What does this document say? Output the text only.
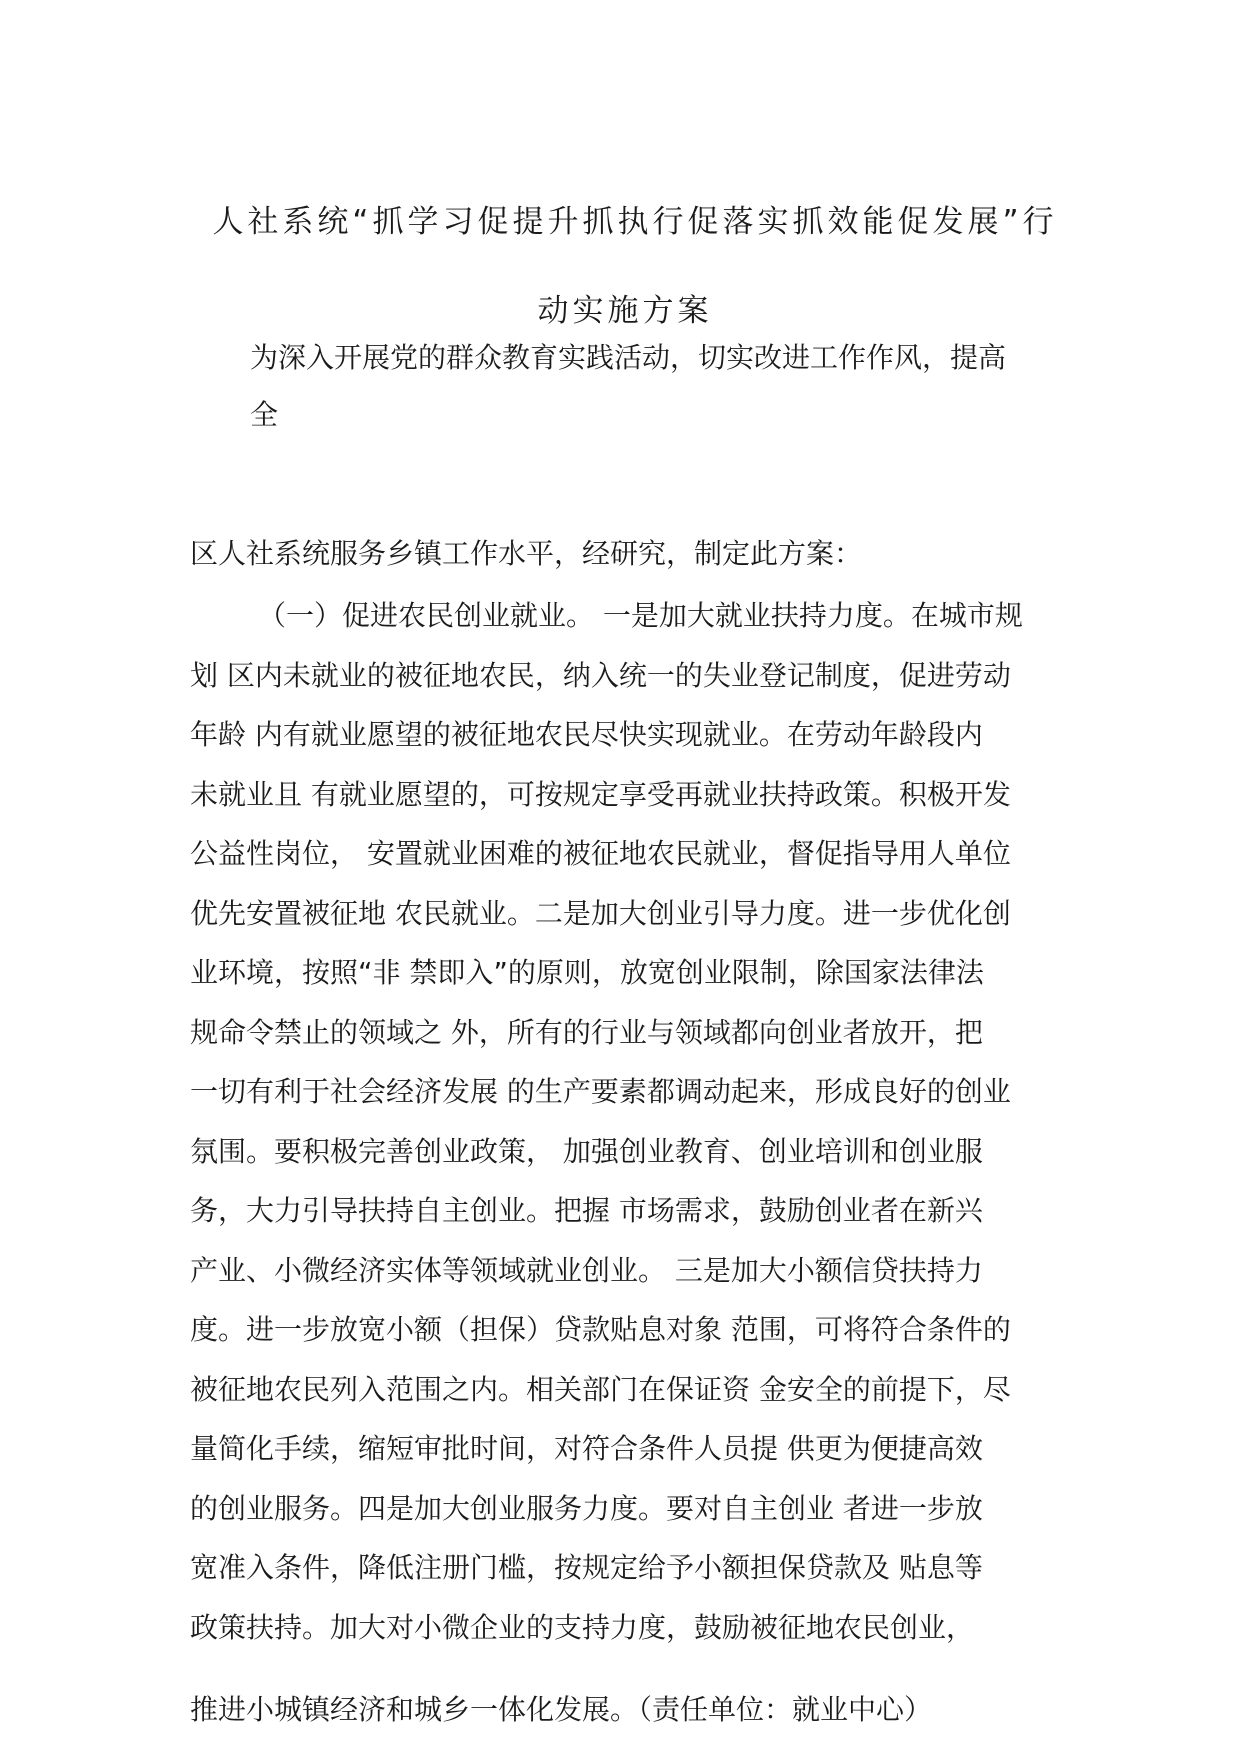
人社系统“抓学习促提升抓执行促落实抓效能促发展”行
动实施方案
为深入开展党的群众教育实践活动，切实改进工作作风，提高
全
区人社系统服务乡镇工作水平，经研究，制定此方案：
（一）促进农民创业就业。 一是加大就业扶持力度。在城市规
划 区内未就业的被征地农民，纳入统一的失业登记制度，促进劳动
年龄 内有就业愿望的被征地农民尽快实现就业。在劳动年龄段内
未就业且 有就业愿望的，可按规定享受再就业扶持政策。积极开发
公益性岗位， 安置就业困难的被征地农民就业，督促指导用人单位
优先安置被征地 农民就业。二是加大创业引导力度。进一步优化创
业环境，按照“非 禁即入”的原则，放宽创业限制，除国家法律法
规命令禁止的领域之 外，所有的行业与领域都向创业者放开，把
一切有利于社会经济发展 的生产要素都调动起来，形成良好的创业
氛围。要积极完善创业政策， 加强创业教育、创业培训和创业服
务，大力引导扶持自主创业。把握 市场需求，鼓励创业者在新兴
产业、小微经济实体等领域就业创业。 三是加大小额信贷扶持力
度。进一步放宽小额（担保）贷款贴息对象 范围，可将符合条件的
被征地农民列入范围之内。相关部门在保证资 金安全的前提下，尽
量简化手续，缩短审批时间，对符合条件人员提 供更为便捷高效
的创业服务。四是加大创业服务力度。要对自主创业 者进一步放
宽准入条件，降低注册门槛，按规定给予小额担保贷款及 贴息等
政策扶持。加大对小微企业的支持力度，鼓励被征地农民创业，
推进小城镇经济和城乡一体化发展。（责任单位：就业中心）
